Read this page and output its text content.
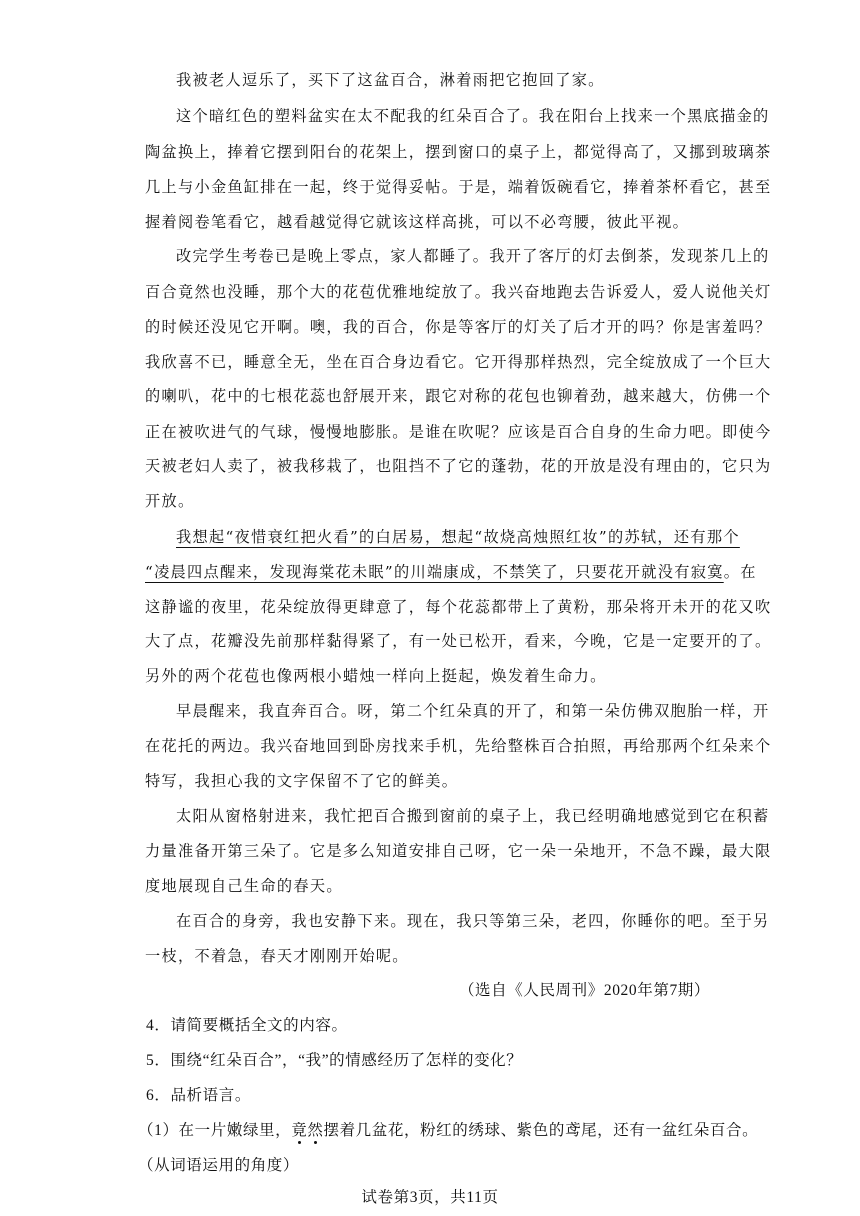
我被老人逗乐了，买下了这盆百合，淋着雨把它抱回了家。
这个暗红色的塑料盆实在太不配我的红朵百合了。我在阳台上找来一个黑底描金的
陶盆换上，捧着它摆到阳台的花架上，摆到窗口的桌子上，都觉得高了，又挪到玻璃茶
几上与小金鱼缸排在一起，终于觉得妥帖。于是，端着饭碗看它，捧着茶杯看它，甚至
握着阅卷笔看它，越看越觉得它就该这样高挑，可以不必弯腰，彼此平视。
改完学生考卷已是晚上零点，家人都睡了。我开了客厅的灯去倒茶，发现茶几上的
百合竟然也没睡，那个大的花苞优雅地绽放了。我兴奋地跑去告诉爱人，爱人说他关灯
的时候还没见它开啊。噢，我的百合，你是等客厅的灯关了后才开的吗？你是害羞吗？
我欣喜不已，睡意全无，坐在百合身边看它。它开得那样热烈，完全绽放成了一个巨大
的喇叭，花中的七根花蕊也舒展开来，跟它对称的花包也铆着劲，越来越大，仿佛一个
正在被吹进气的气球，慢慢地膨胀。是谁在吹呢？应该是百合自身的生命力吧。即使今
天被老妇人卖了，被我移栽了，也阻挡不了它的蓬勃，花的开放是没有理由的，它只为
开放。
我想起“夜惜衰红把火看”的白居易，想起“故烧高烛照红妆”的苏轼，还有那个
“凌晨四点醒来，发现海棠花未眠”的川端康成，不禁笑了，只要花开就没有寂寞。在
这静谧的夜里，花朵绽放得更肆意了，每个花蕊都带上了黄粉，那朵将开未开的花又吹
大了点，花瓣没先前那样黏得紧了，有一处已松开，看来，今晚，它是一定要开的了。
另外的两个花苞也像两根小蜡烛一样向上挺起，焕发着生命力。
早晨醒来，我直奔百合。呀，第二个红朵真的开了，和第一朵仿佛双胞胎一样，开
在花托的两边。我兴奋地回到卧房找来手机，先给整株百合拍照，再给那两个红朵来个
特写，我担心我的文字保留不了它的鲜美。
太阳从窗格射进来，我忙把百合搬到窗前的桌子上，我已经明确地感觉到它在积蓄
力量准备开第三朵了。它是多么知道安排自己呀，它一朵一朵地开，不急不躁，最大限
度地展现自己生命的春天。
在百合的身旁，我也安静下来。现在，我只等第三朵，老四，你睡你的吧。至于另
一枝，不着急，春天才刚刚开始呢。
（选自《人民周刊》2020年第7期）
4．请简要概括全文的内容。
5．围绕“红朵百合”，“我”的情感经历了怎样的变化？
6．品析语言。
（1）在一片嫩绿里，竟然摆着几盆花，粉红的绣球、紫色的鸢尾，还有一盆红朵百合。
（从词语运用的角度）
试卷第3页，共11页
